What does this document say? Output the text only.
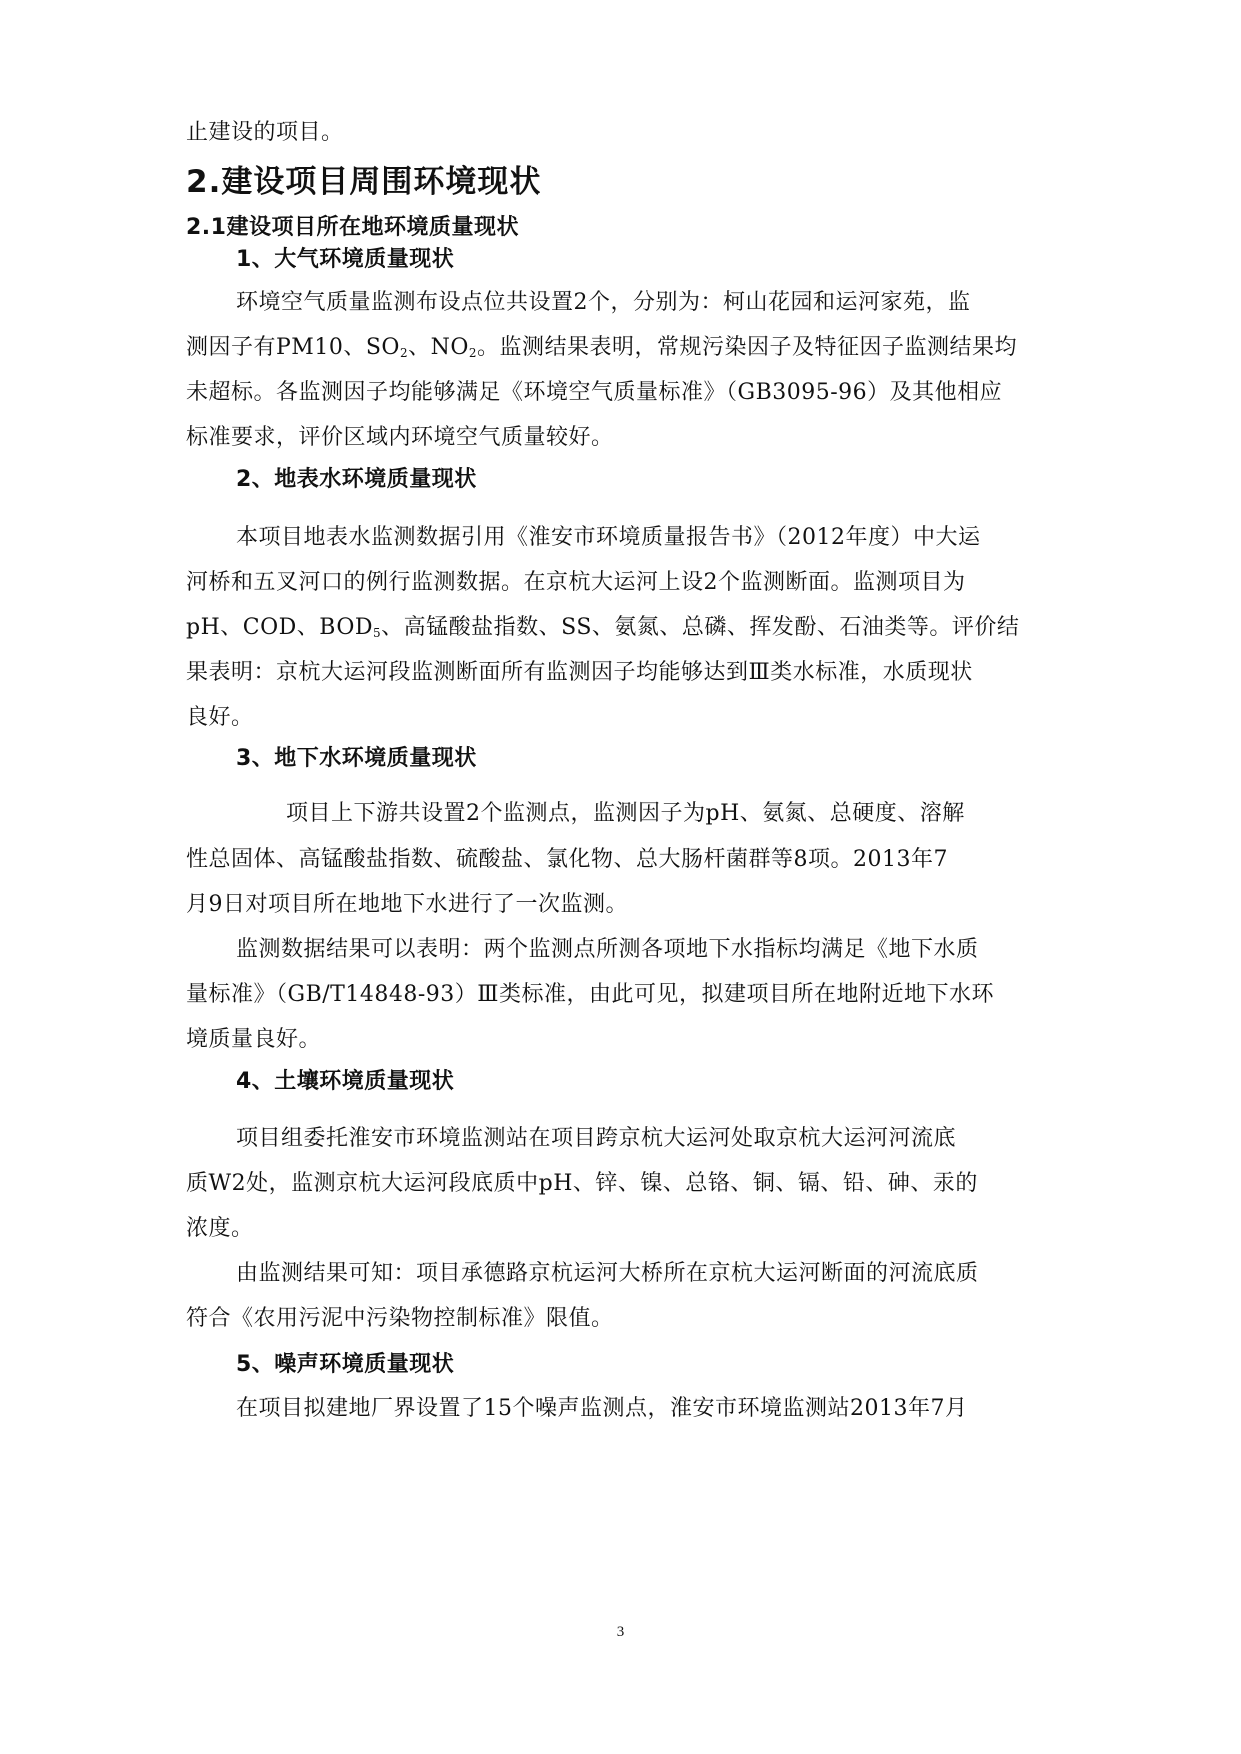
止建设的项目。
2.建设项目周围环境现状
2.1建设项目所在地环境质量现状
1、大气环境质量现状
环境空气质量监测布设点位共设置2个，分别为：柯山花园和运河家苑，监
测因子有PM10、$SO_2$、$NO_2$。监测结果表明，常规污染因子及特征因子监测结果均
未超标。各监测因子均能够满足《环境空气质量标准》（GB3095-96）及其他相应
标准要求，评价区域内环境空气质量较好。
2、地表水环境质量现状
本项目地表水监测数据引用《淮安市环境质量报告书》（2012年度）中大运
河桥和五叉河口的例行监测数据。在京杭大运河上设2个监测断面。监测项目为
pH、COD、$BOD_5$、高锰酸盐指数、SS、氨氮、总磷、挥发酚、石油类等。评价结
果表明：京杭大运河段监测断面所有监测因子均能够达到Ⅲ类水标准，水质现状
良好。
3、地下水环境质量现状
项目上下游共设置2个监测点，监测因子为pH、氨氮、总硬度、溶解
性总固体、高锰酸盐指数、硫酸盐、氯化物、总大肠杆菌群等8项。2013年7
月9日对项目所在地地下水进行了一次监测。
监测数据结果可以表明：两个监测点所测各项地下水指标均满足《地下水质
量标准》（GB/T14848-93）Ⅲ类标准，由此可见，拟建项目所在地附近地下水环
境质量良好。
4、土壤环境质量现状
项目组委托淮安市环境监测站在项目跨京杭大运河处取京杭大运河河流底
质W2处，监测京杭大运河段底质中pH、锌、镍、总铬、铜、镉、铅、砷、汞的
浓度。
由监测结果可知：项目承德路京杭运河大桥所在京杭大运河断面的河流底质
符合《农用污泥中污染物控制标准》限值。
5、噪声环境质量现状
在项目拟建地厂界设置了15个噪声监测点，淮安市环境监测站2013年7月
3
